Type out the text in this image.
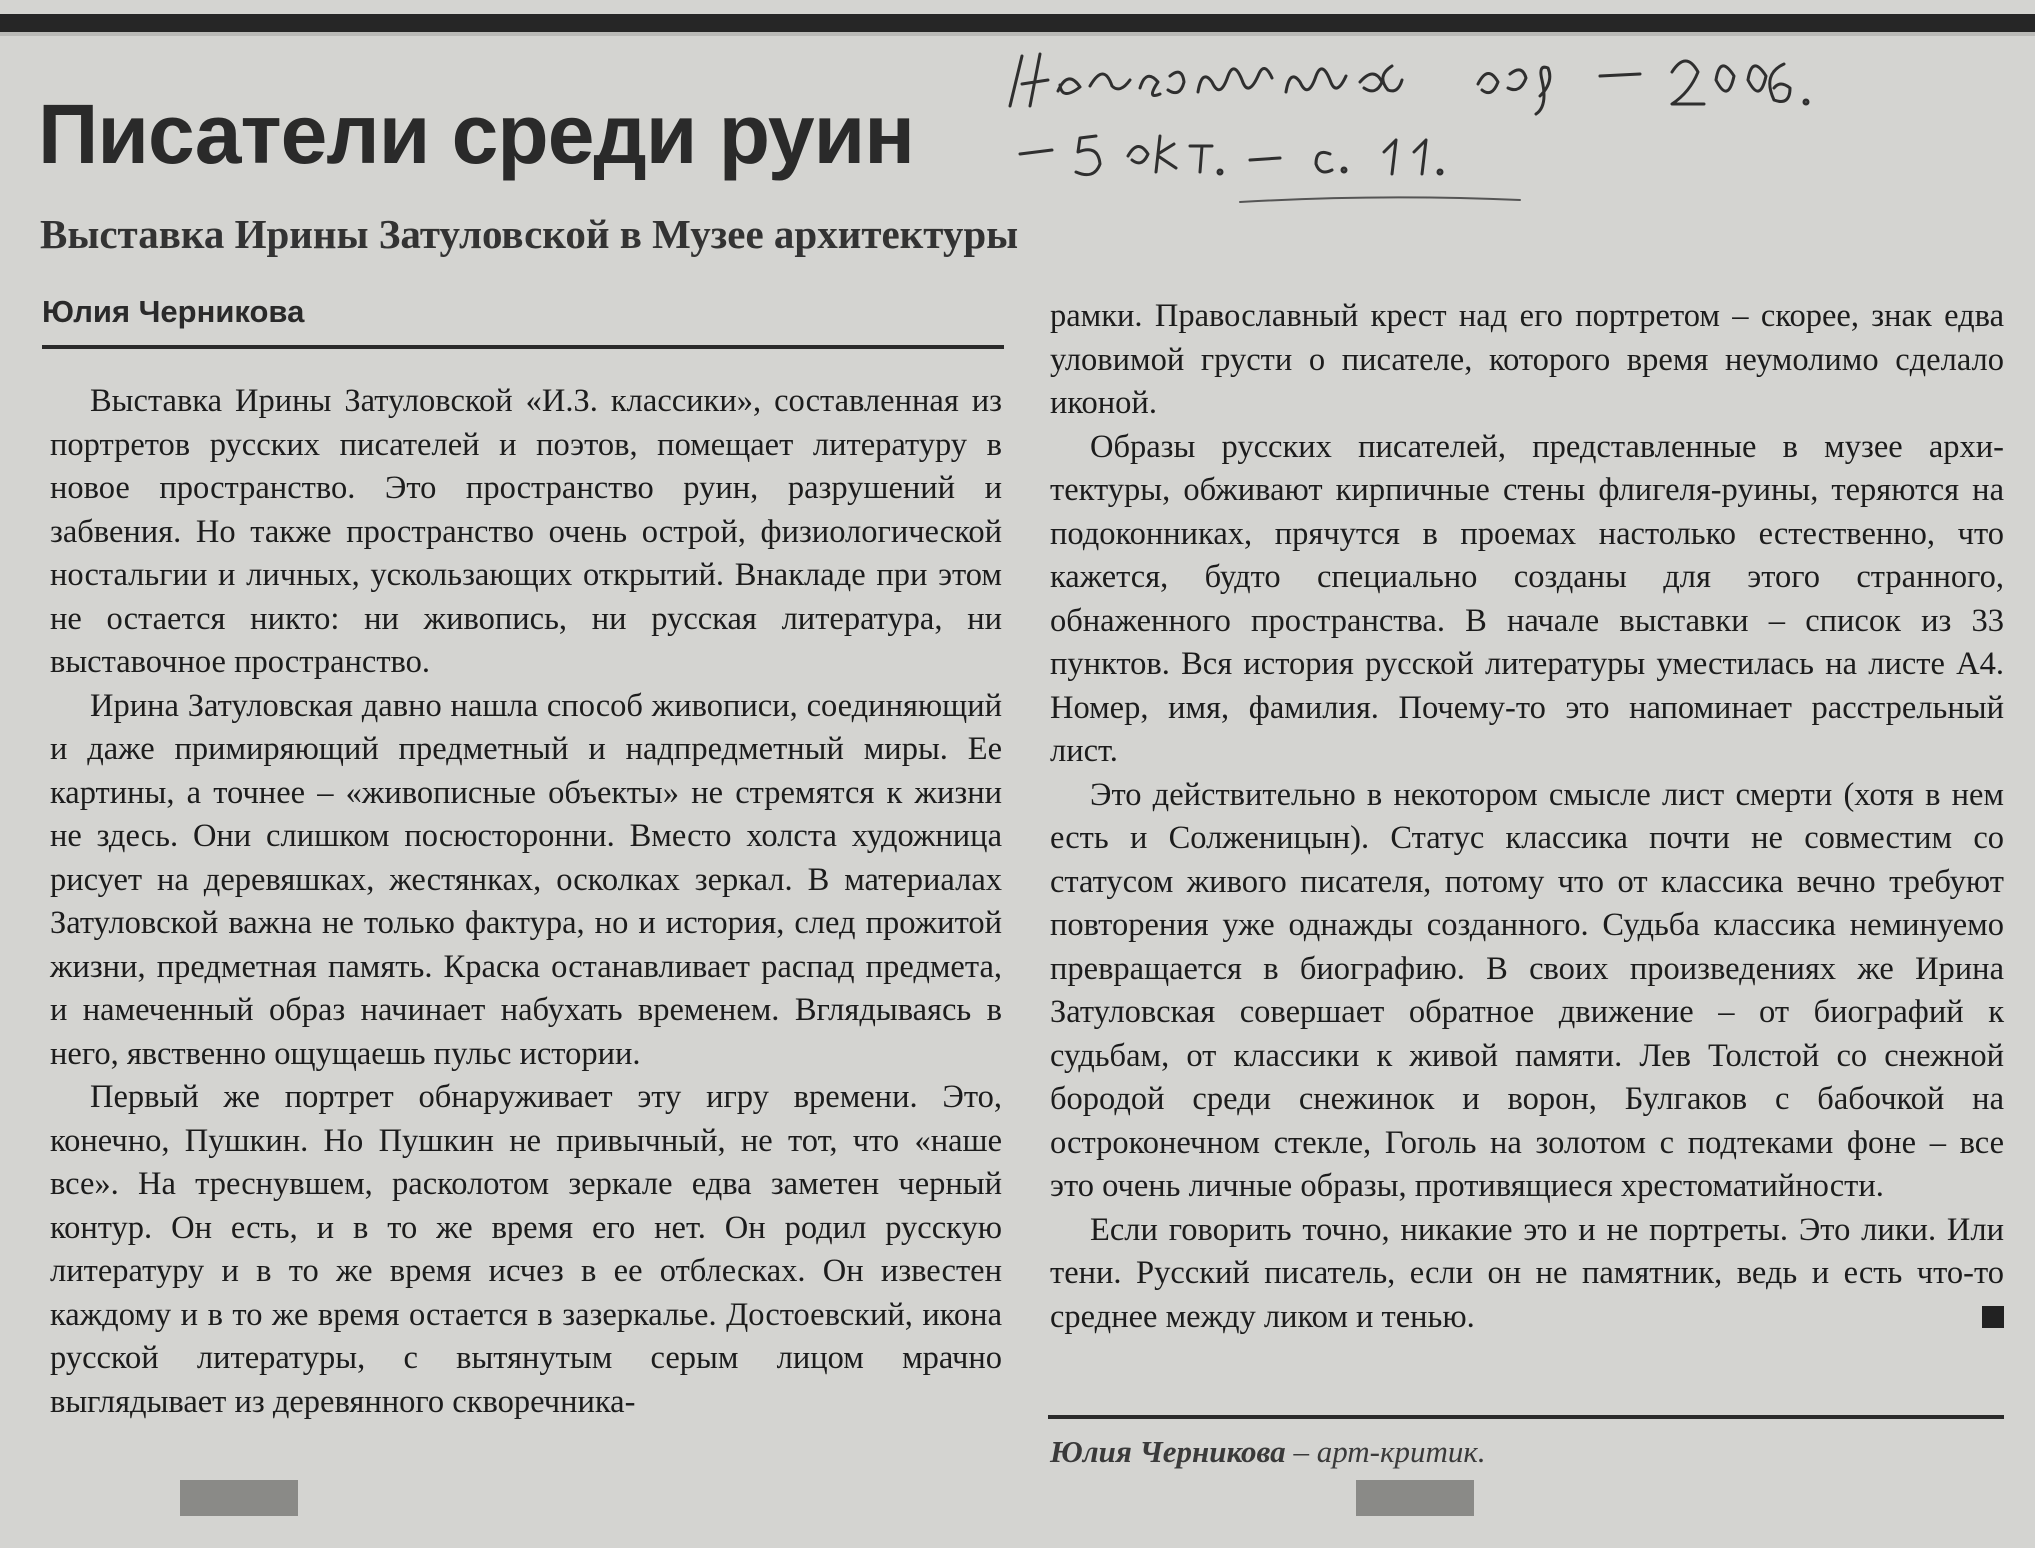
Писатели среди руин
Выставка Ирины Затуловской в Музее архитектуры
Юлия Черникова

Выставка Ирины Затуловской «И.З. классики», составленная из портретов русских писателей и поэтов, помещает литературу в новое пространство. Это пространство руин, разрушений и забвения. Но также пространство очень острой, физиологической ностальгии и личных, ускользающих открытий. Внакладе при этом не остается никто: ни живопись, ни русская литература, ни выставочное пространство.

Ирина Затуловская давно нашла способ живописи, соединяющий и даже примиряющий предметный и надпредметный миры. Ее картины, а точнее – «живописные объекты» не стремятся к жизни не здесь. Они слишком посюсторонни. Вместо холста художница рисует на деревяшках, жестянках, осколках зеркал. В материалах Затуловской важна не только фактура, но и история, след прожитой жизни, предметная память. Краска останавливает распад предмета, и намеченный образ начинает набухать временем. Вглядываясь в него, явственно ощущаешь пульс истории.

Первый же портрет обнаруживает эту игру времени. Это, конечно, Пушкин. Но Пушкин не привычный, не тот, что «наше все». На треснувшем, расколотом зеркале едва заметен черный контур. Он есть, и в то же время его нет. Он родил русскую литературу и в то же время исчез в ее отблесках. Он известен каждому и в то же время остается в зазеркалье. Достоевский, икона русской литературы, с вытянутым серым лицом мрачно выглядывает из деревянного скворечника-

рамки. Православный крест над его портретом – скорее, знак едва уловимой грусти о писателе, которого время неумолимо сделало иконой.

Образы русских писателей, представленные в музее архитектуры, обживают кирпичные стены флигеля-руины, теряются на подоконниках, прячутся в проемах настолько естественно, что кажется, будто специально созданы для этого странного, обнаженного пространства. В начале выставки – список из 33 пунктов. Вся история русской литературы уместилась на листе А4. Номер, имя, фамилия. Почему-то это напоминает расстрельный лист.

Это действительно в некотором смысле лист смерти (хотя в нем есть и Солженицын). Статус классика почти не совместим со статусом живого писателя, потому что от классика вечно требуют повторения уже однажды созданного. Судьба классика неминуемо превращается в биографию. В своих произведениях же Ирина Затуловская совершает обратное движение – от биографий к судьбам, от классики к живой памяти. Лев Толстой со снежной бородой среди снежинок и ворон, Булгаков с бабочкой на остроконечном стекле, Гоголь на золотом с подтеками фоне – все это очень личные образы, противящиеся хрестоматийности.

Если говорить точно, никакие это и не портреты. Это лики. Или тени. Русский писатель, если он не памятник, ведь и есть что-то среднее между ликом и тенью.

Юлия Черникова – арт-критик.
